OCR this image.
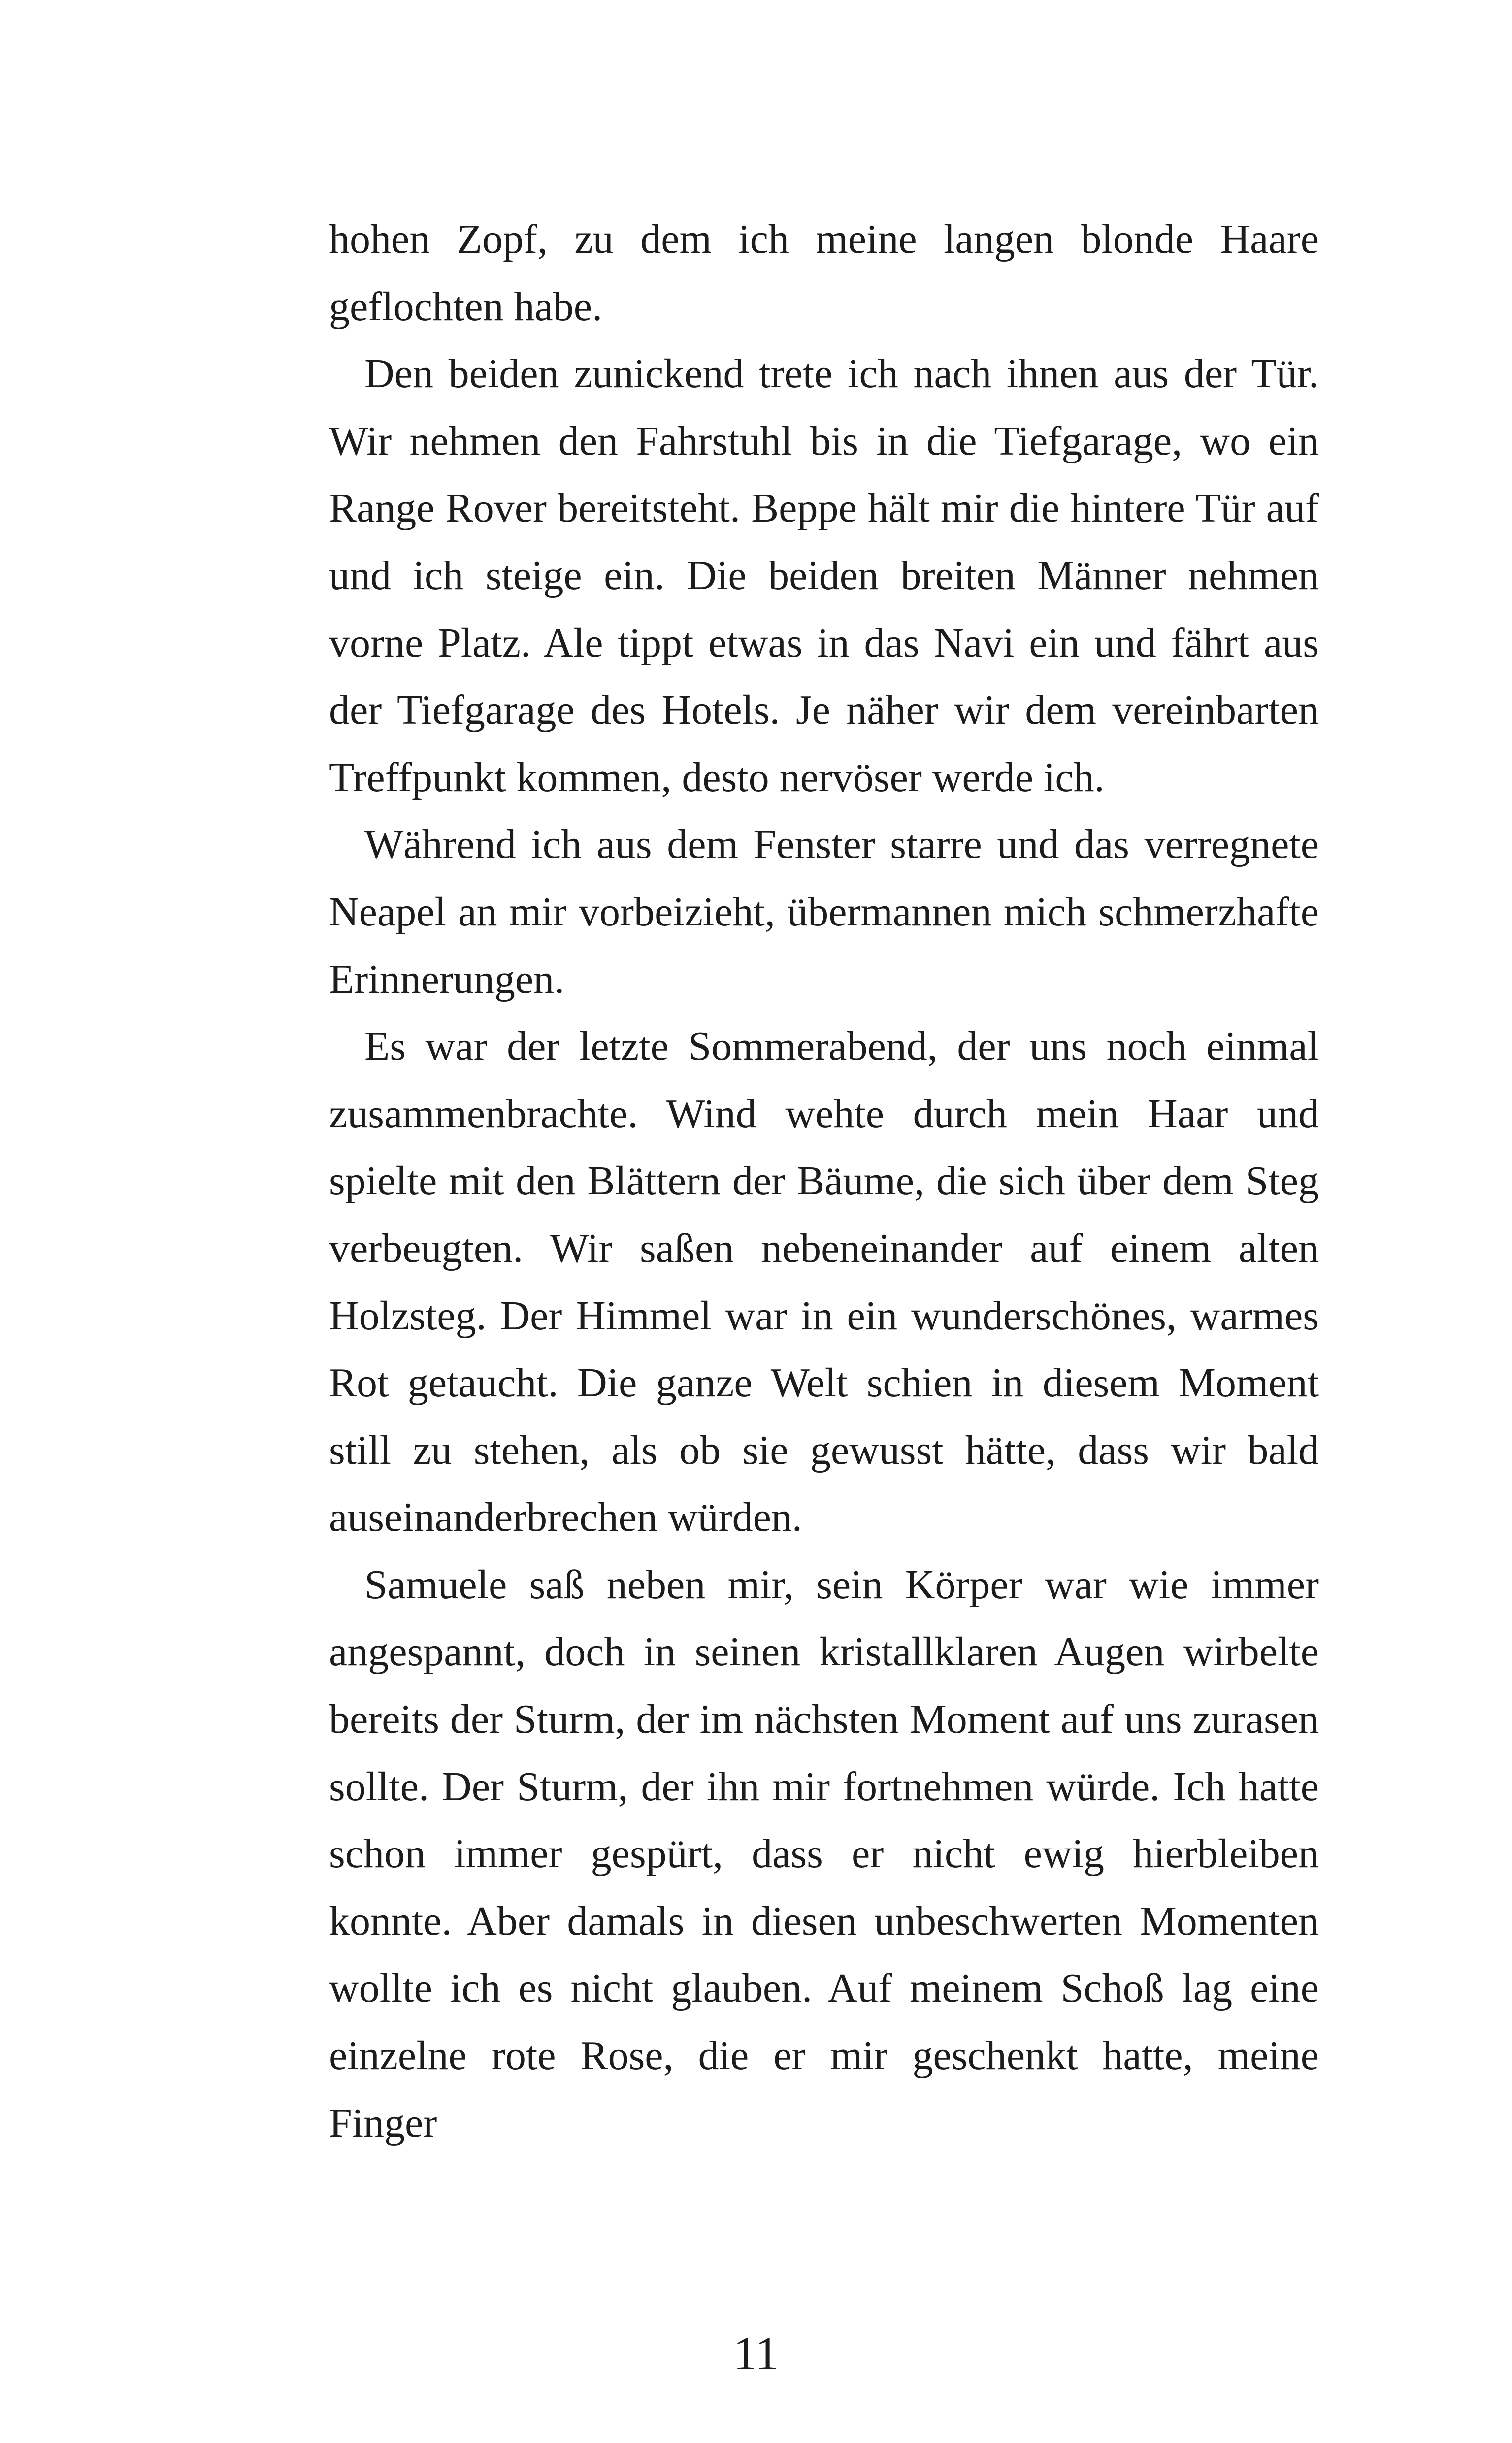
hohen Zopf, zu dem ich meine langen blonde Haare geflochten habe.

Den beiden zunickend trete ich nach ihnen aus der Tür. Wir nehmen den Fahrstuhl bis in die Tiefgarage, wo ein Range Rover bereitsteht. Beppe hält mir die hintere Tür auf und ich steige ein. Die beiden breiten Männer nehmen vorne Platz. Ale tippt etwas in das Navi ein und fährt aus der Tiefgarage des Hotels. Je näher wir dem vereinbarten Treffpunkt kommen, desto nervöser werde ich.

Während ich aus dem Fenster starre und das verregnete Neapel an mir vorbeizieht, übermannen mich schmerzhafte Erinnerungen.

Es war der letzte Sommerabend, der uns noch einmal zusammenbrachte. Wind wehte durch mein Haar und spielte mit den Blättern der Bäume, die sich über dem Steg verbeugten. Wir saßen nebeneinander auf einem alten Holzsteg. Der Himmel war in ein wunderschönes, warmes Rot getaucht. Die ganze Welt schien in diesem Moment still zu stehen, als ob sie gewusst hätte, dass wir bald auseinanderbrechen würden.

Samuele saß neben mir, sein Körper war wie immer angespannt, doch in seinen kristallklaren Augen wirbelte bereits der Sturm, der im nächsten Moment auf uns zurasen sollte. Der Sturm, der ihn mir fortnehmen würde. Ich hatte schon immer gespürt, dass er nicht ewig hierbleiben konnte. Aber damals in diesen unbeschwerten Momenten wollte ich es nicht glauben. Auf meinem Schoß lag eine einzelne rote Rose, die er mir geschenkt hatte, meine Finger

11
